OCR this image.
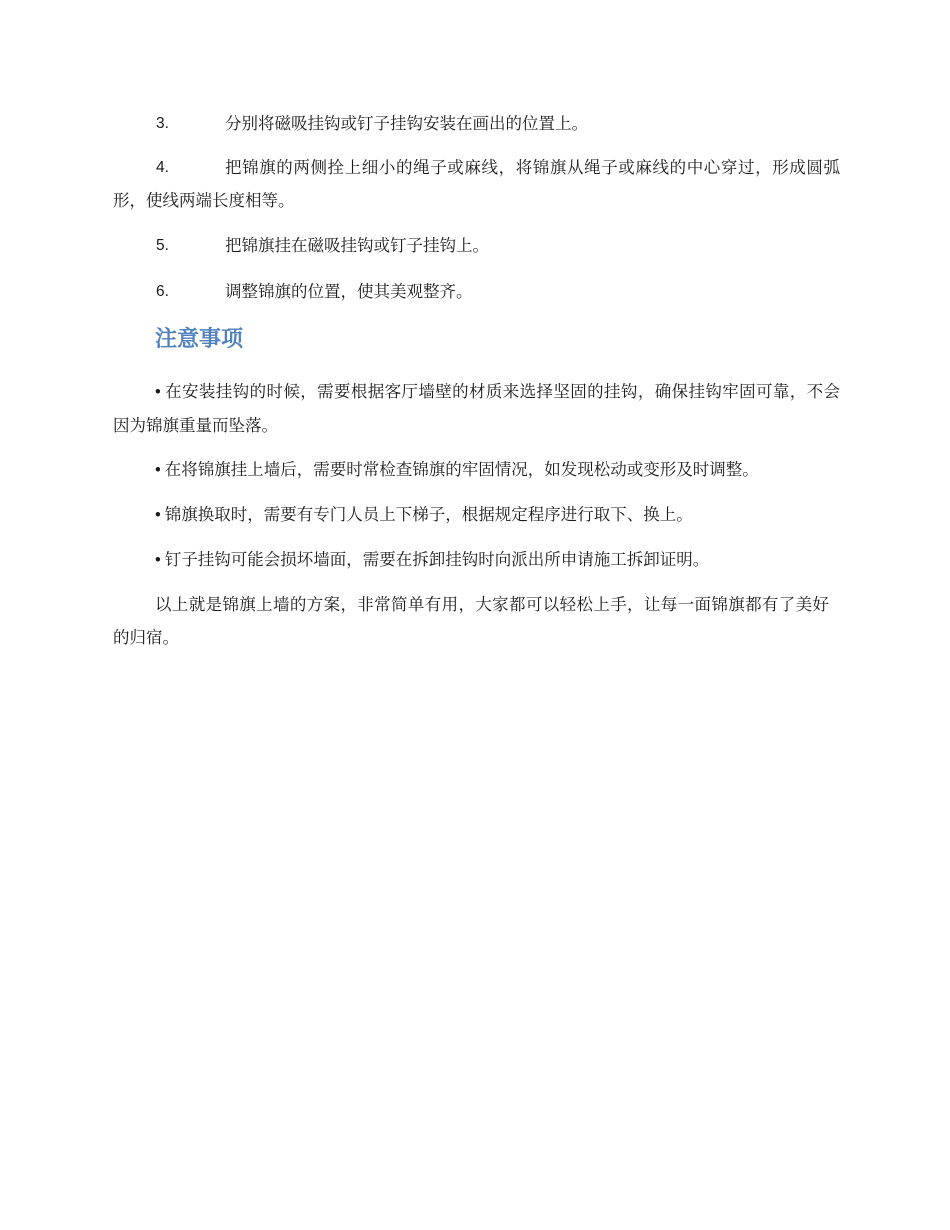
3.	分别将磁吸挂钩或钉子挂钩安装在画出的位置上。
4.	把锦旗的两侧拴上细小的绳子或麻线，将锦旗从绳子或麻线的中心穿过，形成圆弧形，使线两端长度相等。
5.	把锦旗挂在磁吸挂钩或钉子挂钩上。
6.	调整锦旗的位置，使其美观整齐。
注意事项
• 在安装挂钩的时候，需要根据客厅墙壁的材质来选择坚固的挂钩，确保挂钩牢固可靠，不会因为锦旗重量而坠落。
• 在将锦旗挂上墙后，需要时常检查锦旗的牢固情况，如发现松动或变形及时调整。
• 锦旗换取时，需要有专门人员上下梯子，根据规定程序进行取下、换上。
• 钉子挂钩可能会损坏墙面，需要在拆卸挂钩时向派出所申请施工拆卸证明。
以上就是锦旗上墙的方案，非常简单有用，大家都可以轻松上手，让每一面锦旗都有了美好的归宿。
